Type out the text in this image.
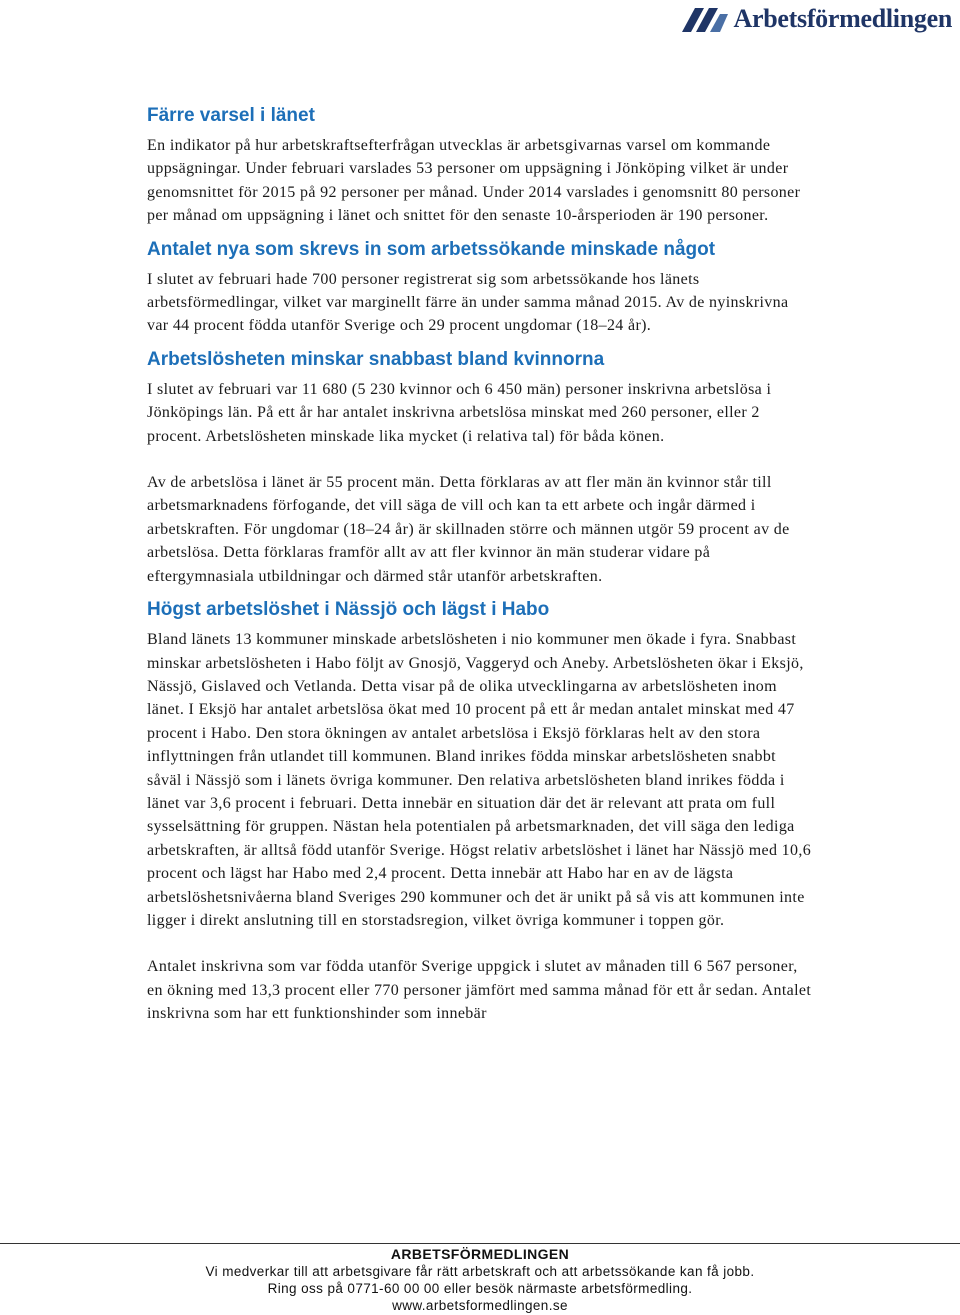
Arbetsförmedlingen
Färre varsel i länet

En indikator på hur arbetskraftsefterfrågan utvecklas är arbetsgivarnas varsel om kommande uppsägningar. Under februari varslades 53 personer om uppsägning i Jönköping vilket är under genomsnittet för 2015 på 92 personer per månad. Under 2014 varslades i genomsnitt 80 personer per månad om uppsägning i länet och snittet för den senaste 10-årsperioden är 190 personer.

Antalet nya som skrevs in som arbetssökande minskade något

I slutet av februari hade 700 personer registrerat sig som arbetssökande hos länets arbetsförmedlingar, vilket var marginellt färre än under samma månad 2015. Av de nyinskrivna var 44 procent födda utanför Sverige och 29 procent ungdomar (18–24 år).

Arbetslösheten minskar snabbast bland kvinnorna

I slutet av februari var 11 680 (5 230 kvinnor och 6 450 män) personer inskrivna arbetslösa i Jönköpings län. På ett år har antalet inskrivna arbetslösa minskat med 260 personer, eller 2 procent. Arbetslösheten minskade lika mycket (i relativa tal) för båda könen.

Av de arbetslösa i länet är 55 procent män. Detta förklaras av att fler män än kvinnor står till arbetsmarknadens förfogande, det vill säga de vill och kan ta ett arbete och ingår därmed i arbetskraften. För ungdomar (18–24 år) är skillnaden större och männen utgör 59 procent av de arbetslösa. Detta förklaras framför allt av att fler kvinnor än män studerar vidare på eftergymnasiala utbildningar och därmed står utanför arbetskraften.

Högst arbetslöshet i Nässjö och lägst i Habo

Bland länets 13 kommuner minskade arbetslösheten i nio kommuner men ökade i fyra. Snabbast minskar arbetslösheten i Habo följt av Gnosjö, Vaggeryd och Aneby. Arbetslösheten ökar i Eksjö, Nässjö, Gislaved och Vetlanda. Detta visar på de olika utvecklingarna av arbetslösheten inom länet. I Eksjö har antalet arbetslösa ökat med 10 procent på ett år medan antalet minskat med 47 procent i Habo. Den stora ökningen av antalet arbetslösa i Eksjö förklaras helt av den stora inflyttningen från utlandet till kommunen. Bland inrikes födda minskar arbetslösheten snabbt såväl i Nässjö som i länets övriga kommuner. Den relativa arbetslösheten bland inrikes födda i länet var 3,6 procent i februari. Detta innebär en situation där det är relevant att prata om full sysselsättning för gruppen. Nästan hela potentialen på arbetsmarknaden, det vill säga den lediga arbetskraften, är alltså född utanför Sverige. Högst relativ arbetslöshet i länet har Nässjö med 10,6 procent och lägst har Habo med 2,4 procent. Detta innebär att Habo har en av de lägsta arbetslöshetsnivåerna bland Sveriges 290 kommuner och det är unikt på så vis att kommunen inte ligger i direkt anslutning till en storstadsregion, vilket övriga kommuner i toppen gör.

Antalet inskrivna som var födda utanför Sverige uppgick i slutet av månaden till 6 567 personer, en ökning med 13,3 procent eller 770 personer jämfört med samma månad för ett år sedan. Antalet inskrivna som har ett funktionshinder som innebär

ARBETSFÖRMEDLINGEN
Vi medverkar till att arbetsgivare får rätt arbetskraft och att arbetssökande kan få jobb.
Ring oss på 0771-60 00 00 eller besök närmaste arbetsförmedling.
www.arbetsformedlingen.se
